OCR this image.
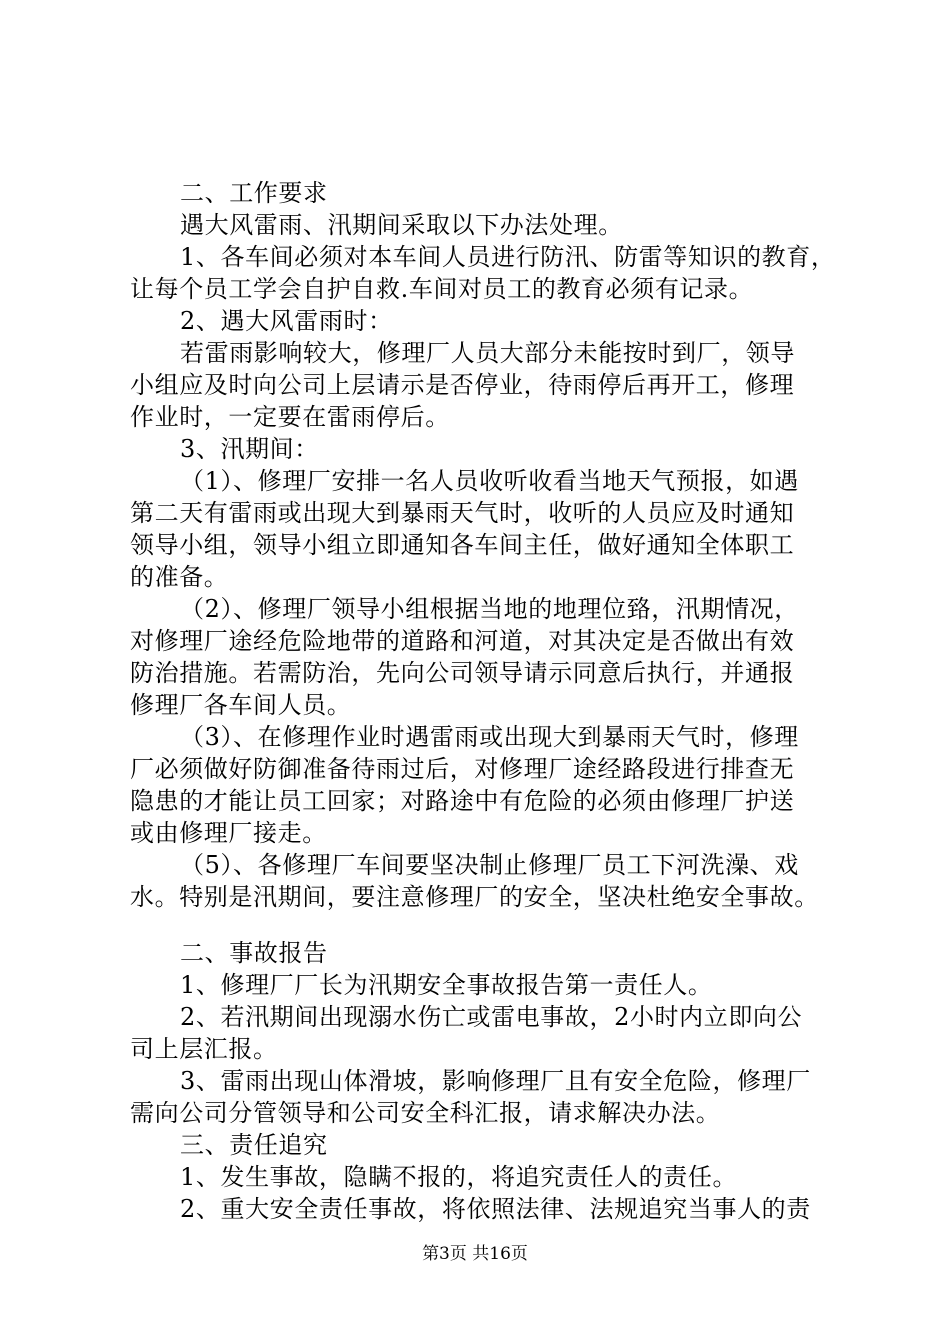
二、工作要求
遇大风雷雨、汛期间采取以下办法处理。
1、各车间必须对本车间人员进行防汛、防雷等知识的教育，
让每个员工学会自护自救.车间对员工的教育必须有记录。
2、遇大风雷雨时：
若雷雨影响较大，修理厂人员大部分未能按时到厂，领导
小组应及时向公司上层请示是否停业，待雨停后再开工，修理
作业时，一定要在雷雨停后。
3、汛期间：
（1）、修理厂安排一名人员收听收看当地天气预报，如遇
第二天有雷雨或出现大到暴雨天气时，收听的人员应及时通知
领导小组，领导小组立即通知各车间主任，做好通知全体职工
的准备。
（2）、修理厂领导小组根据当地的地理位臵，汛期情况，
对修理厂途经危险地带的道路和河道，对其决定是否做出有效
防治措施。若需防治，先向公司领导请示同意后执行，并通报
修理厂各车间人员。
（3）、在修理作业时遇雷雨或出现大到暴雨天气时，修理
厂必须做好防御准备待雨过后，对修理厂途经路段进行排查无
隐患的才能让员工回家；对路途中有危险的必须由修理厂护送
或由修理厂接走。
（5）、各修理厂车间要坚决制止修理厂员工下河洗澡、戏
水。特别是汛期间，要注意修理厂的安全，坚决杜绝安全事故。
二、事故报告
1、修理厂厂长为汛期安全事故报告第一责任人。
2、若汛期间出现溺水伤亡或雷电事故，2小时内立即向公
司上层汇报。
3、雷雨出现山体滑坡，影响修理厂且有安全危险，修理厂
需向公司分管领导和公司安全科汇报，请求解决办法。
三、责任追究
1、发生事故，隐瞒不报的，将追究责任人的责任。
2、重大安全责任事故，将依照法律、法规追究当事人的责
第3页 共16页
